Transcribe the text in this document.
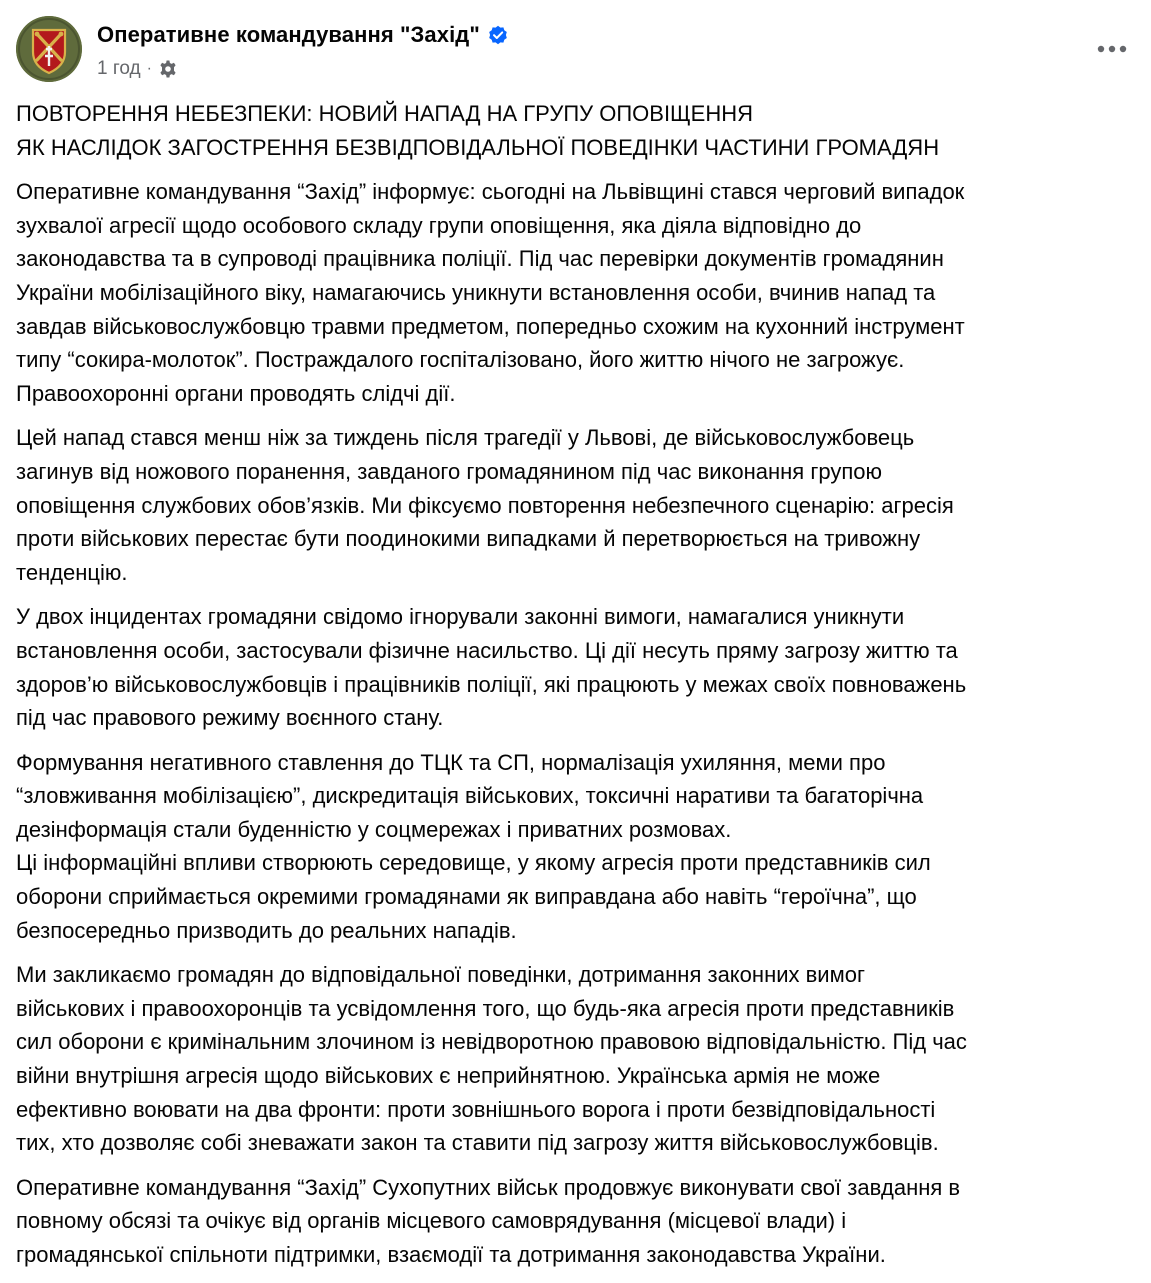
Оперативне командування "Захід"
1 год ·
ПОВТОРЕННЯ НЕБЕЗПЕКИ: НОВИЙ НАПАД НА ГРУПУ ОПОВІЩЕННЯ
ЯК НАСЛІДОК ЗАГОСТРЕННЯ БЕЗВІДПОВІДАЛЬНОЇ ПОВЕДІНКИ ЧАСТИНИ ГРОМАДЯН
Оперативне командування “Захід” інформує: сьогодні на Львівщині стався черговий випадок
зухвалої агресії щодо особового складу групи оповіщення, яка діяла відповідно до
законодавства та в супроводі працівника поліції. Під час перевірки документів громадянин
України мобілізаційного віку, намагаючись уникнути встановлення особи, вчинив напад та
завдав військовослужбовцю травми предметом, попередньо схожим на кухонний інструмент
типу “сокира-молоток”. Постраждалого госпіталізовано, його життю нічого не загрожує.
Правоохоронні органи проводять слідчі дії.
Цей напад стався менш ніж за тиждень після трагедії у Львові, де військовослужбовець
загинув від ножового поранення, завданого громадянином під час виконання групою
оповіщення службових обов’язків. Ми фіксуємо повторення небезпечного сценарію: агресія
проти військових перестає бути поодинокими випадками й перетворюється на тривожну
тенденцію.
У двох інцидентах громадяни свідомо ігнорували законні вимоги, намагалися уникнути
встановлення особи, застосували фізичне насильство. Ці дії несуть пряму загрозу життю та
здоров’ю військовослужбовців і працівників поліції, які працюють у межах своїх повноважень
під час правового режиму воєнного стану.
Формування негативного ставлення до ТЦК та СП, нормалізація ухиляння, меми про
“зловживання мобілізацією”, дискредитація військових, токсичні наративи та багаторічна
дезінформація стали буденністю у соцмережах і приватних розмовах.
Ці інформаційні впливи створюють середовище, у якому агресія проти представників сил
оборони сприймається окремими громадянами як виправдана або навіть “героїчна”, що
безпосередньо призводить до реальних нападів.
Ми закликаємо громадян до відповідальної поведінки, дотримання законних вимог
військових і правоохоронців та усвідомлення того, що будь-яка агресія проти представників
сил оборони є кримінальним злочином із невідворотною правовою відповідальністю. Під час
війни внутрішня агресія щодо військових є неприйнятною. Українська армія не може
ефективно воювати на два фронти: проти зовнішнього ворога і проти безвідповідальності
тих, хто дозволяє собі зневажати закон та ставити під загрозу життя військовослужбовців.
Оперативне командування “Захід” Сухопутних військ продовжує виконувати свої завдання в
повному обсязі та очікує від органів місцевого самоврядування (місцевої влади) і
громадянської спільноти підтримки, взаємодії та дотримання законодавства України.
